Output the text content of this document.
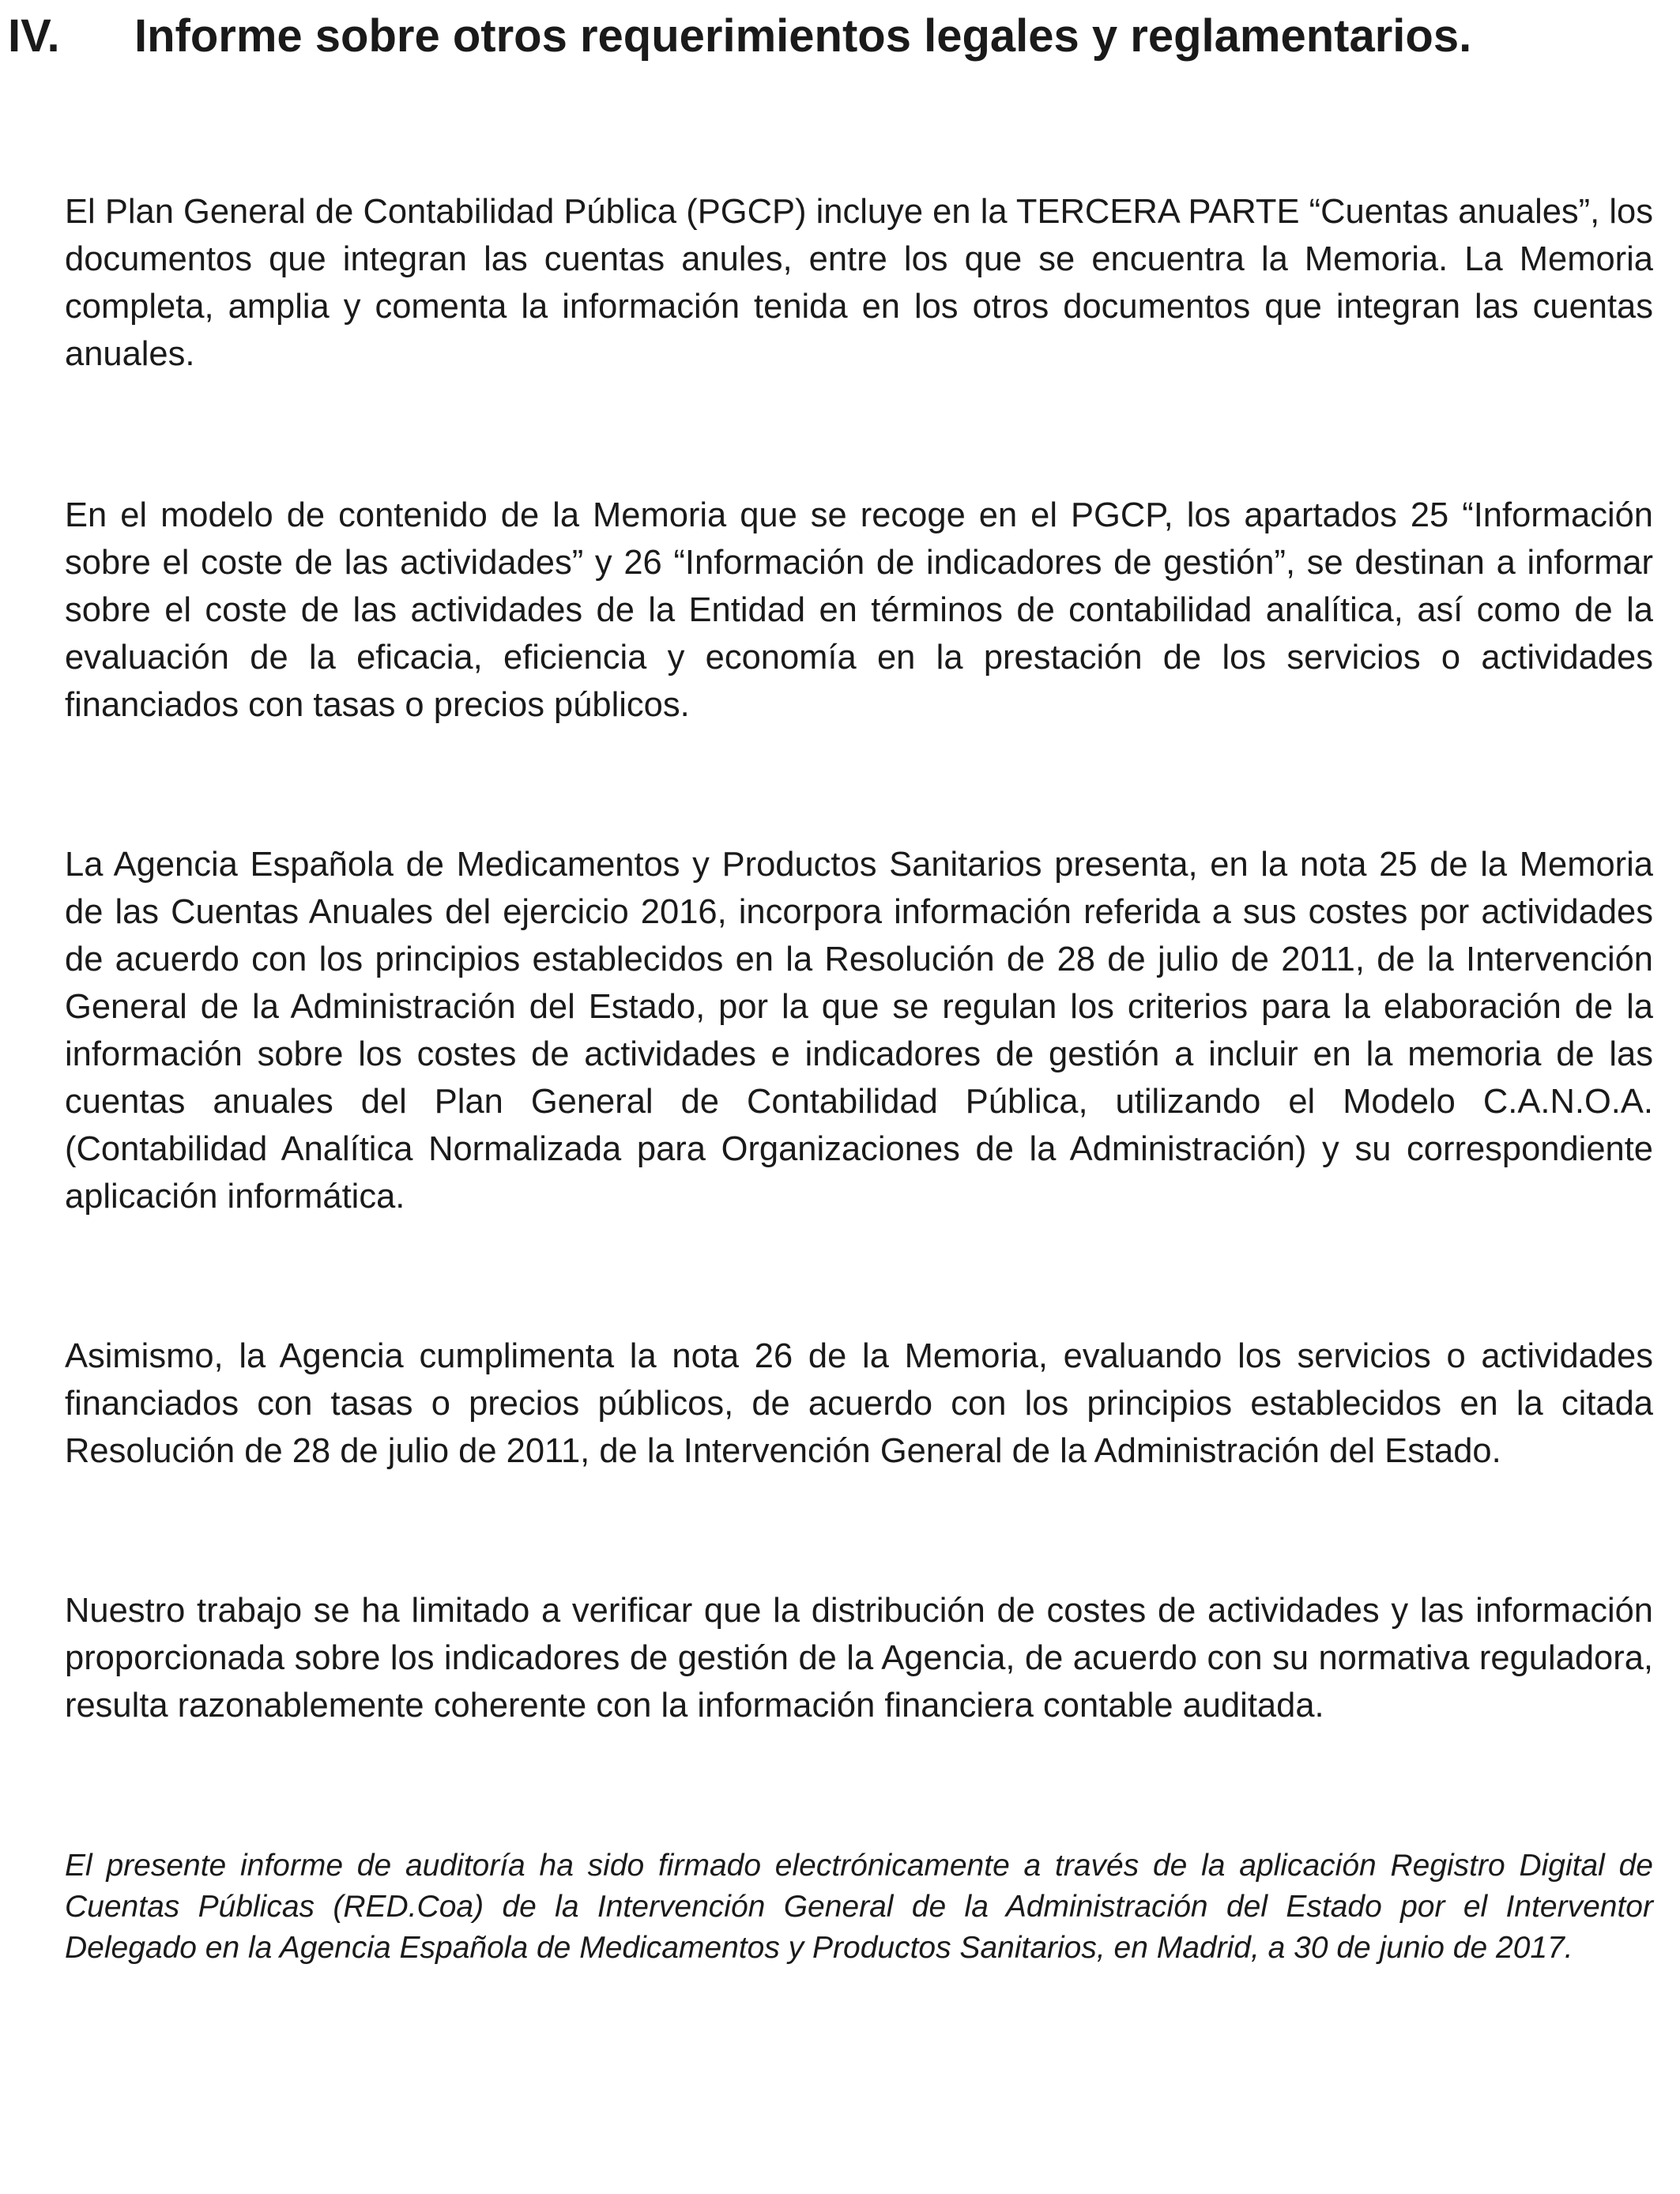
IV. Informe sobre otros requerimientos legales y reglamentarios.

El Plan General de Contabilidad Pública (PGCP) incluye en la TERCERA PARTE “Cuentas anuales”, los documentos que integran las cuentas anules, entre los que se encuentra la Memoria. La Memoria completa, amplia y comenta la información tenida en los otros documentos que integran las cuentas anuales.

En el modelo de contenido de la Memoria que se recoge en el PGCP, los apartados 25 “Información sobre el coste de las actividades” y 26 “Información de indicadores de gestión”, se destinan a informar sobre el coste de las actividades de la Entidad en términos de contabilidad analítica, así como de la evaluación de la eficacia, eficiencia y economía en la prestación de los servicios o actividades financiados con tasas o precios públicos.

La Agencia Española de Medicamentos y Productos Sanitarios presenta, en la nota 25 de la Memoria de las Cuentas Anuales del ejercicio 2016, incorpora información referida a sus costes por actividades de acuerdo con los principios establecidos en la Resolución de 28 de julio de 2011, de la Intervención General de la Administración del Estado, por la que se regulan los criterios para la elaboración de la información sobre los costes de actividades e indicadores de gestión a incluir en la memoria de las cuentas anuales del Plan General de Contabilidad Pública, utilizando el Modelo C.A.N.O.A. (Contabilidad Analítica Normalizada para Organizaciones de la Administración) y su correspondiente aplicación informática.

Asimismo, la Agencia cumplimenta la nota 26 de la Memoria, evaluando los servicios o actividades financiados con tasas o precios públicos, de acuerdo con los principios establecidos en la citada Resolución de 28 de julio de 2011, de la Intervención General de la Administración del Estado.

Nuestro trabajo se ha limitado a verificar que la distribución de costes de actividades y las información proporcionada sobre los indicadores de gestión de la Agencia, de acuerdo con su normativa reguladora, resulta razonablemente coherente con la información financiera contable auditada.

El presente informe de auditoría ha sido firmado electrónicamente a través de la aplicación Registro Digital de Cuentas Públicas (RED.Coa) de la Intervención General de la Administración del Estado por el Interventor Delegado en la Agencia Española de Medicamentos y Productos Sanitarios, en Madrid, a 30 de junio de 2017.
